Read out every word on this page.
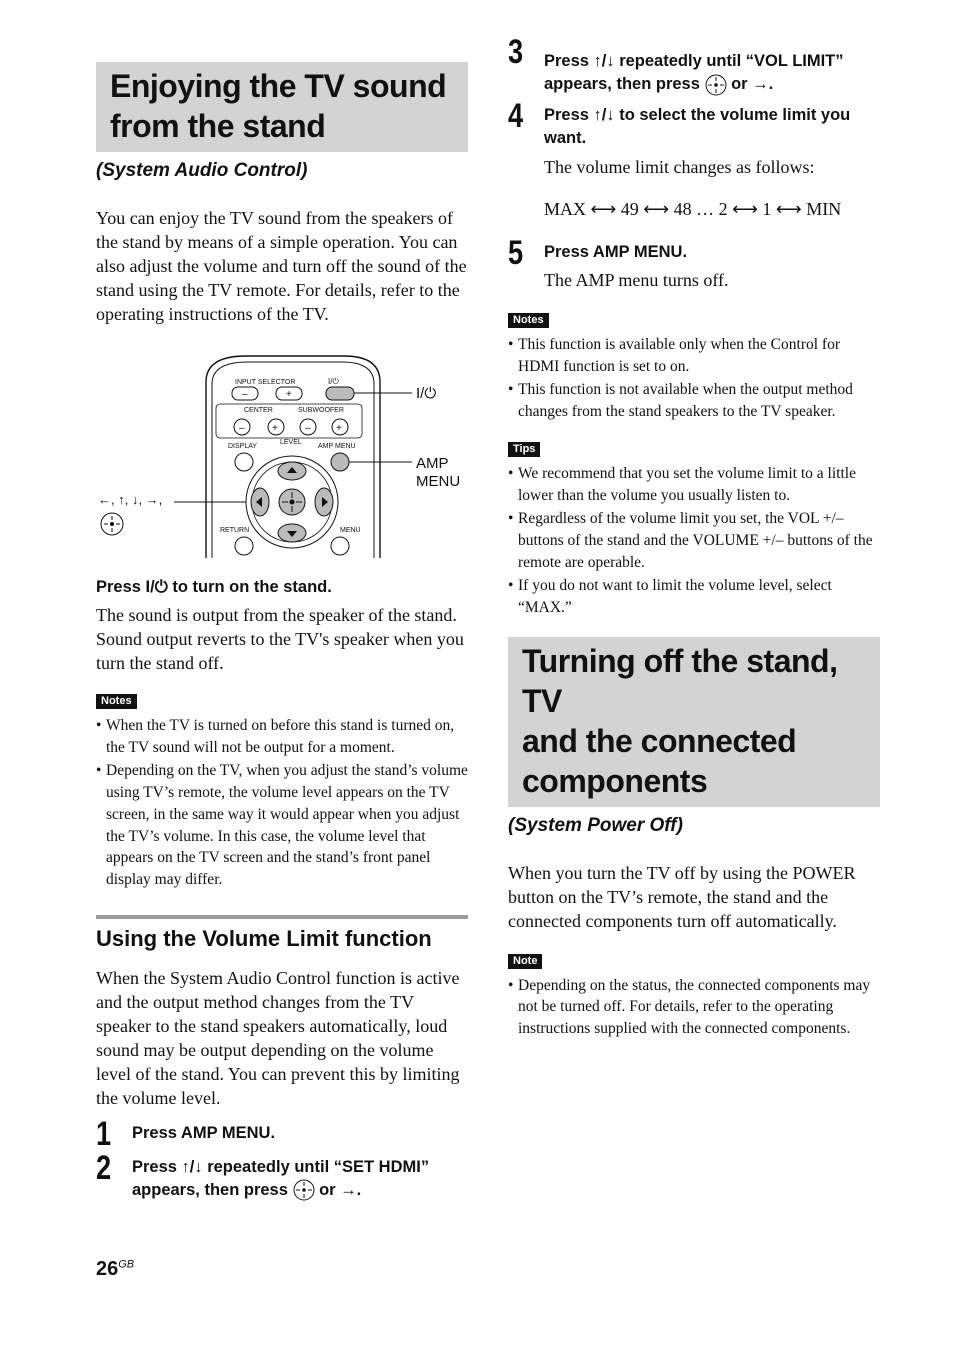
Enjoying the TV sound
from the stand

(System Audio Control)

You can enjoy the TV sound from the speakers of the stand by means of a simple operation. You can also adjust the volume and turn off the sound of the stand using the TV remote. For details, refer to the operating instructions of the TV.

INPUT SELECTOR
–	+
I/⏻
CENTER	SUBWOOFER
–	+	–	+
LEVEL
DISPLAY	AMP MENU
RETURN	MENU
I/⏻
AMP
MENU
←, ↑, ↓, →,

Press I/⏻ to turn on the stand.

The sound is output from the speaker of the stand. Sound output reverts to the TV's speaker when you turn the stand off.

Notes
• When the TV is turned on before this stand is turned on, the TV sound will not be output for a moment.
• Depending on the TV, when you adjust the stand’s volume using TV’s remote, the volume level appears on the TV screen, in the same way it would appear when you adjust the TV’s volume. In this case, the volume level that appears on the TV screen and the stand’s front panel display may differ.
Using the Volume Limit function

When the System Audio Control function is active and the output method changes from the TV speaker to the stand speakers automatically, loud sound may be output depending on the volume level of the stand. You can prevent this by limiting the volume level.

1 Press AMP MENU.

2 Press ↑/↓ repeatedly until “SET HDMI” appears, then press or →.

3 Press ↑/↓ repeatedly until “VOL LIMIT” appears, then press or →.

4 Press ↑/↓ to select the volume limit you want.

The volume limit changes as follows:

MAX ⟷ 49 ⟷ 48 … 2 ⟷ 1 ⟷ MIN

5 Press AMP MENU.

The AMP menu turns off.

Notes
• This function is available only when the Control for HDMI function is set to on.
• This function is not available when the output method changes from the stand speakers to the TV speaker.
Tips
• We recommend that you set the volume limit to a little lower than the volume you usually listen to.
• Regardless of the volume limit you set, the VOL +/– buttons of the stand and the VOLUME +/– buttons of the remote are operable.
• If you do not want to limit the volume level, select “MAX.”
Turning off the stand, TV
and the connected
components

(System Power Off)

When you turn the TV off by using the POWER button on the TV’s remote, the stand and the connected components turn off automatically.

Note
• Depending on the status, the connected components may not be turned off. For details, refer to the operating instructions supplied with the connected components.
$26^{GB}$
